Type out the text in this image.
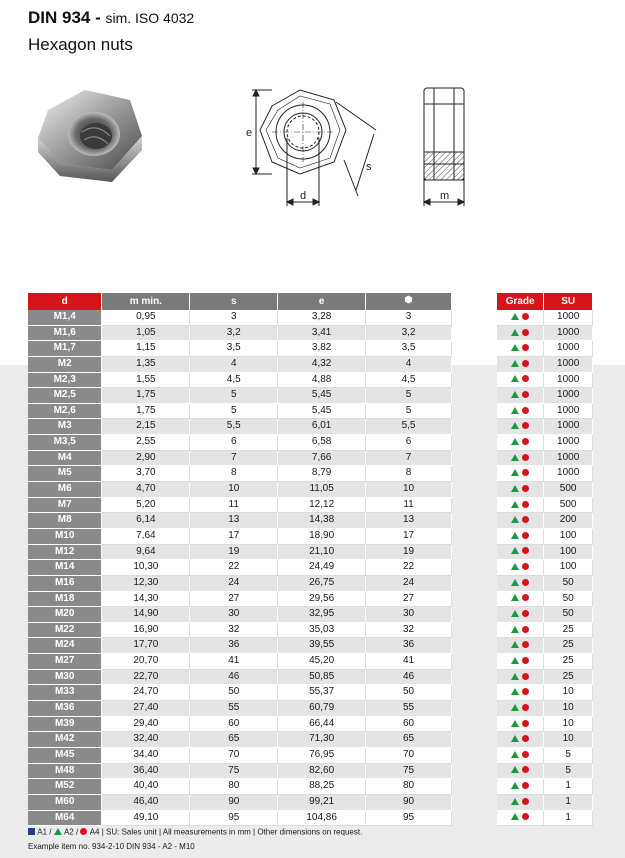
DIN 934 - sim. ISO 4032
Hexagon nuts
e
s
d	m
d	m min.	s	e	
M1,4	0,95	3	3,28	3
M1,6	1,05	3,2	3,41	3,2
M1,7	1,15	3,5	3,82	3,5
M2	1,35	4	4,32	4
M2,3	1,55	4,5	4,88	4,5
M2,5	1,75	5	5,45	5
M2,6	1,75	5	5,45	5
M3	2,15	5,5	6,01	5,5
M3,5	2,55	6	6,58	6
M4	2,90	7	7,66	7
M5	3,70	8	8,79	8
M6	4,70	10	11,05	10
M7	5,20	11	12,12	11
M8	6,14	13	14,38	13
M10	7,64	17	18,90	17
M12	9,64	19	21,10	19
M14	10,30	22	24,49	22
M16	12,30	24	26,75	24
M18	14,30	27	29,56	27
M20	14,90	30	32,95	30
M22	16,90	32	35,03	32
M24	17,70	36	39,55	36
M27	20,70	41	45,20	41
M30	22,70	46	50,85	46
M33	24,70	50	55,37	50
M36	27,40	55	60,79	55
M39	29,40	60	66,44	60
M42	32,40	65	71,30	65
M45	34,40	70	76,95	70
M48	36,40	75	82,60	75
M52	40,40	80	88,25	80
M60	46,40	90	99,21	90
M64	49,10	95	104,86	95
Grade	SU
	1000
	1000
	1000
	1000
	1000
	1000
	1000
	1000
	1000
	1000
	1000
	500
	500
	200
	100
	100
	100
	50
	50
	50
	25
	25
	25
	25
	10
	10
	10
	10
	5
	5
	1
	1
	1
A1 / A2 / A4 | SU: Sales unit | All measurements in mm | Other dimensions on request.
Example item no. 934-2-10 DIN 934 - A2 - M10
